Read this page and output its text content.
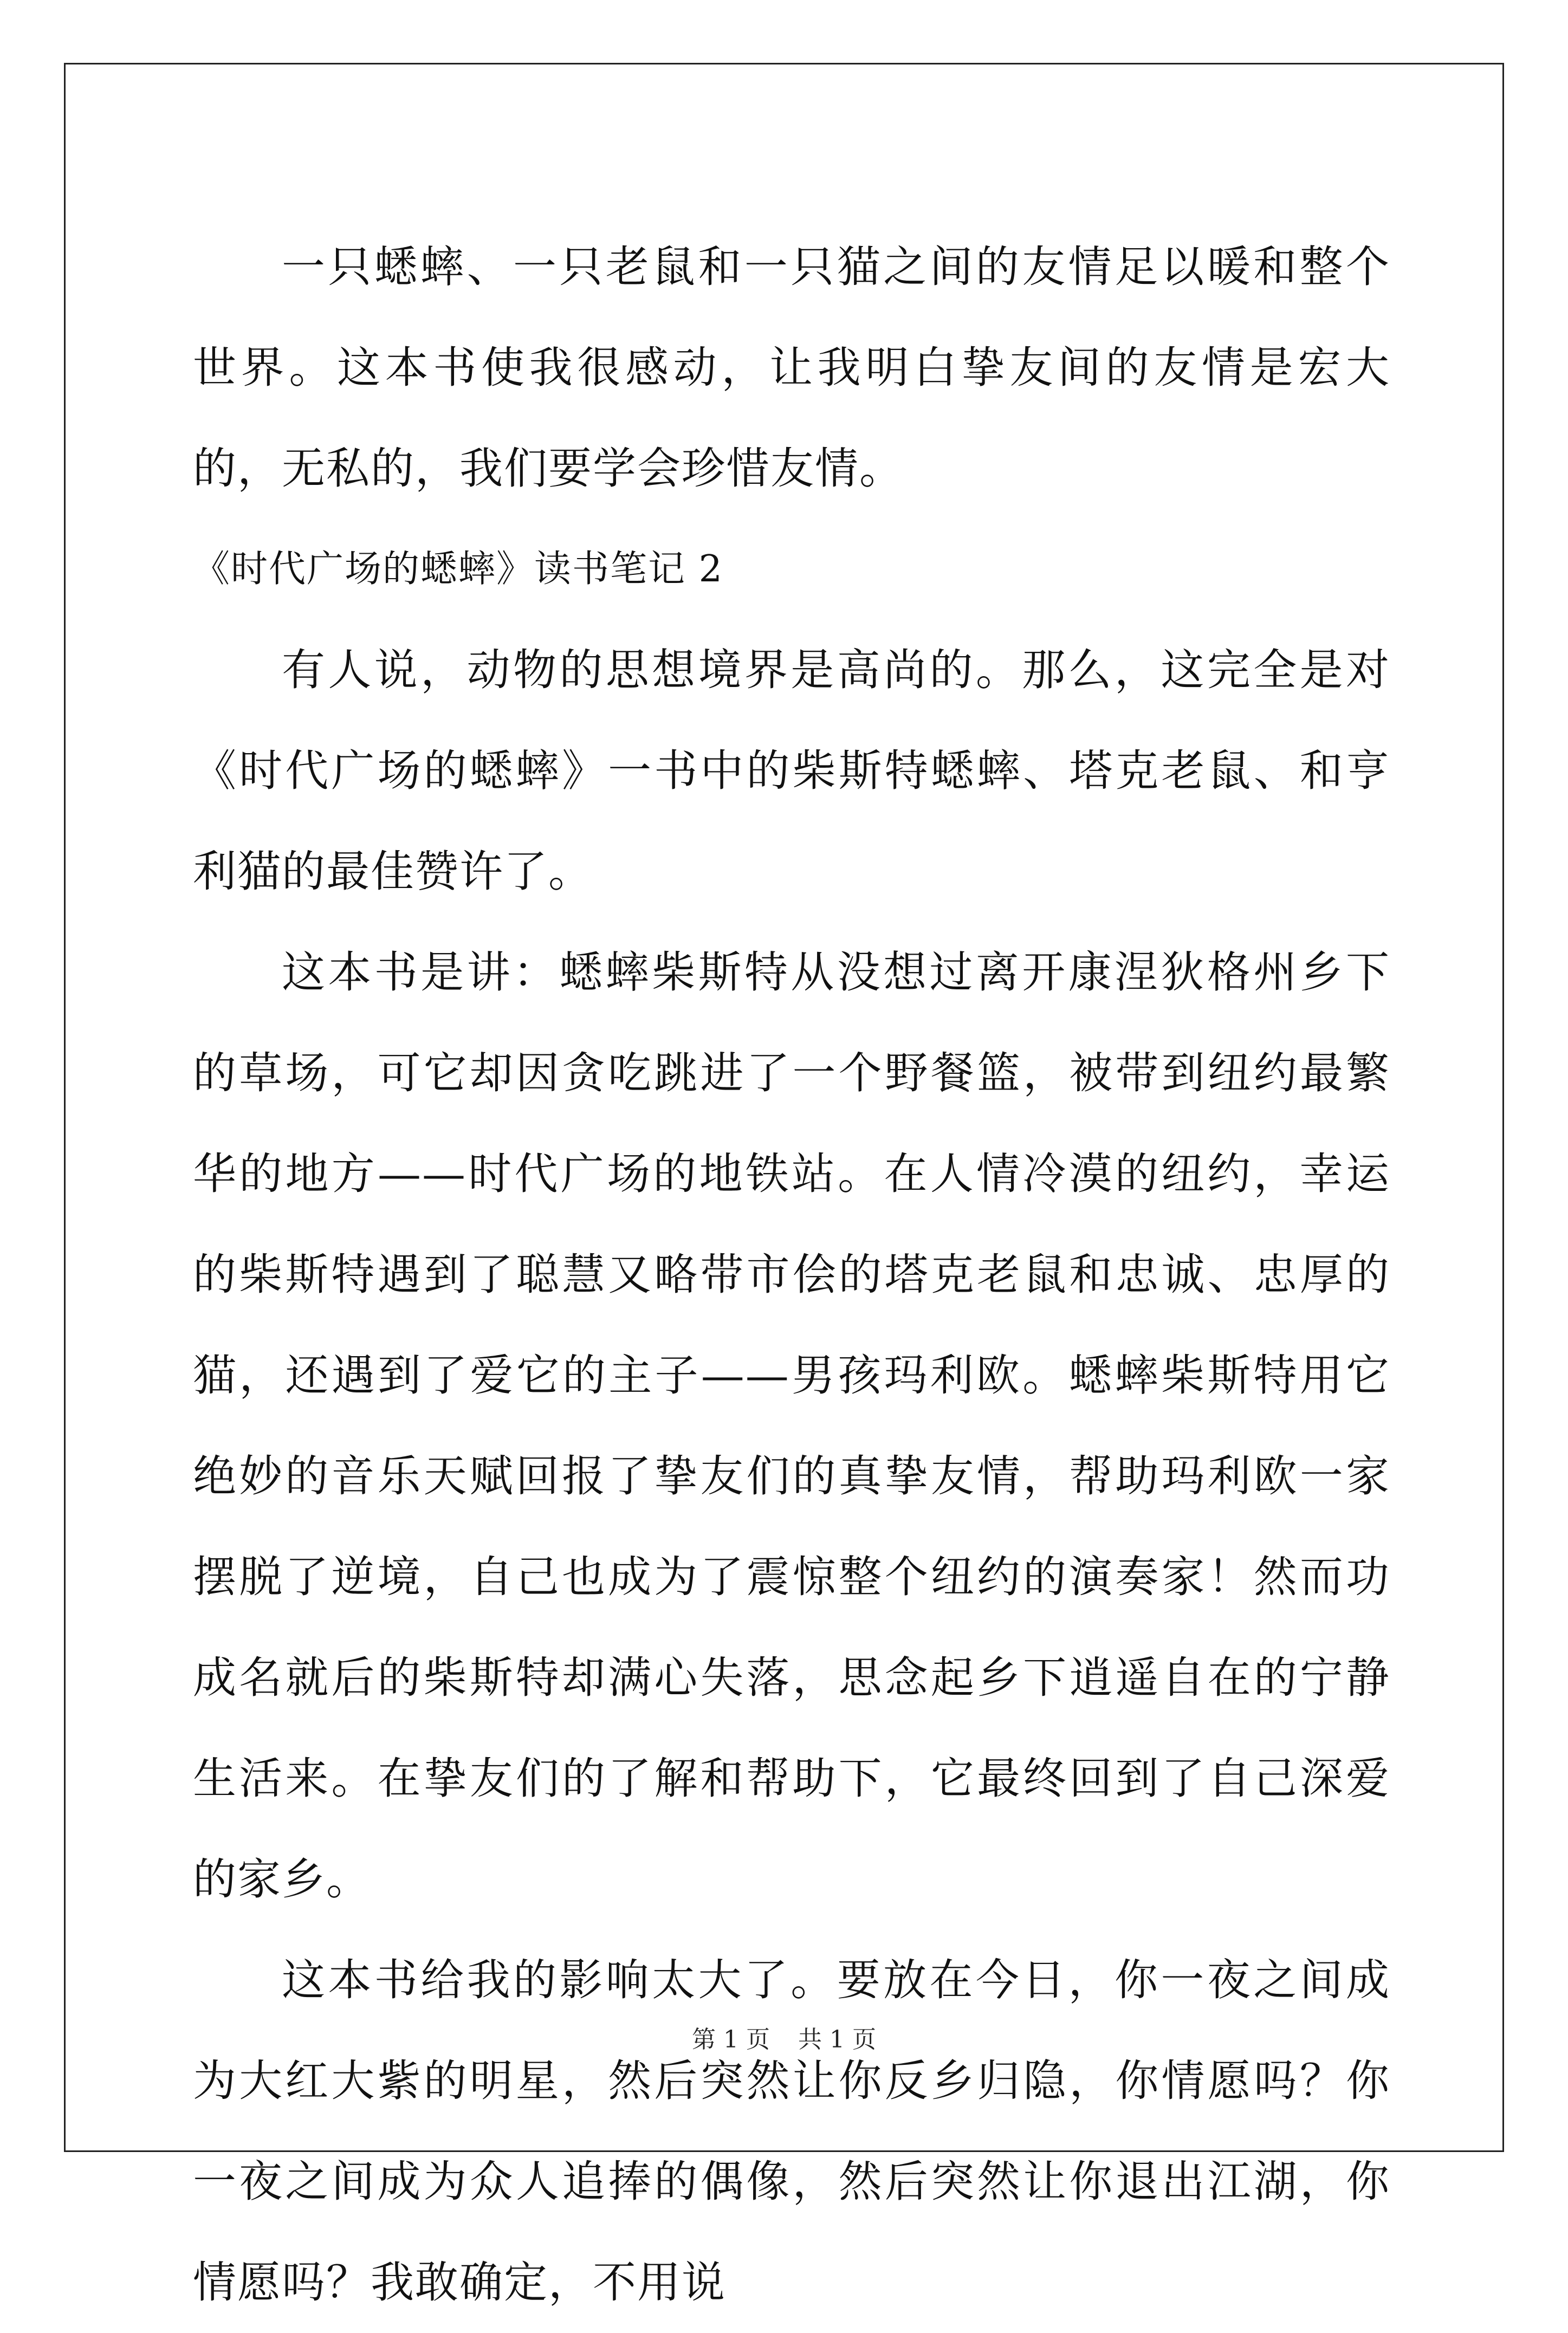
一只蟋蟀、一只老鼠和一只猫之间的友情足以暖和整个世界。这本书使我很感动，让我明白挚友间的友情是宏大的，无私的，我们要学会珍惜友情。

《时代广场的蟋蟀》读书笔记 2

有人说，动物的思想境界是高尚的。那么，这完全是对《时代广场的蟋蟀》一书中的柴斯特蟋蟀、塔克老鼠、和亨利猫的最佳赞许了。

这本书是讲：蟋蟀柴斯特从没想过离开康涅狄格州乡下的草场，可它却因贪吃跳进了一个野餐篮，被带到纽约最繁华的地方——时代广场的地铁站。在人情冷漠的纽约，幸运的柴斯特遇到了聪慧又略带市侩的塔克老鼠和忠诚、忠厚的猫，还遇到了爱它的主子——男孩玛利欧。蟋蟀柴斯特用它绝妙的音乐天赋回报了挚友们的真挚友情，帮助玛利欧一家摆脱了逆境，自己也成为了震惊整个纽约的演奏家！然而功成名就后的柴斯特却满心失落，思念起乡下逍遥自在的宁静生活来。在挚友们的了解和帮助下，它最终回到了自己深爱的家乡。

这本书给我的影响太大了。要放在今日，你一夜之间成为大红大紫的明星，然后突然让你反乡归隐，你情愿吗？你一夜之间成为众人追捧的偶像，然后突然让你退出江湖，你情愿吗？我敢确定，不用说

第 1 页 共 1 页
